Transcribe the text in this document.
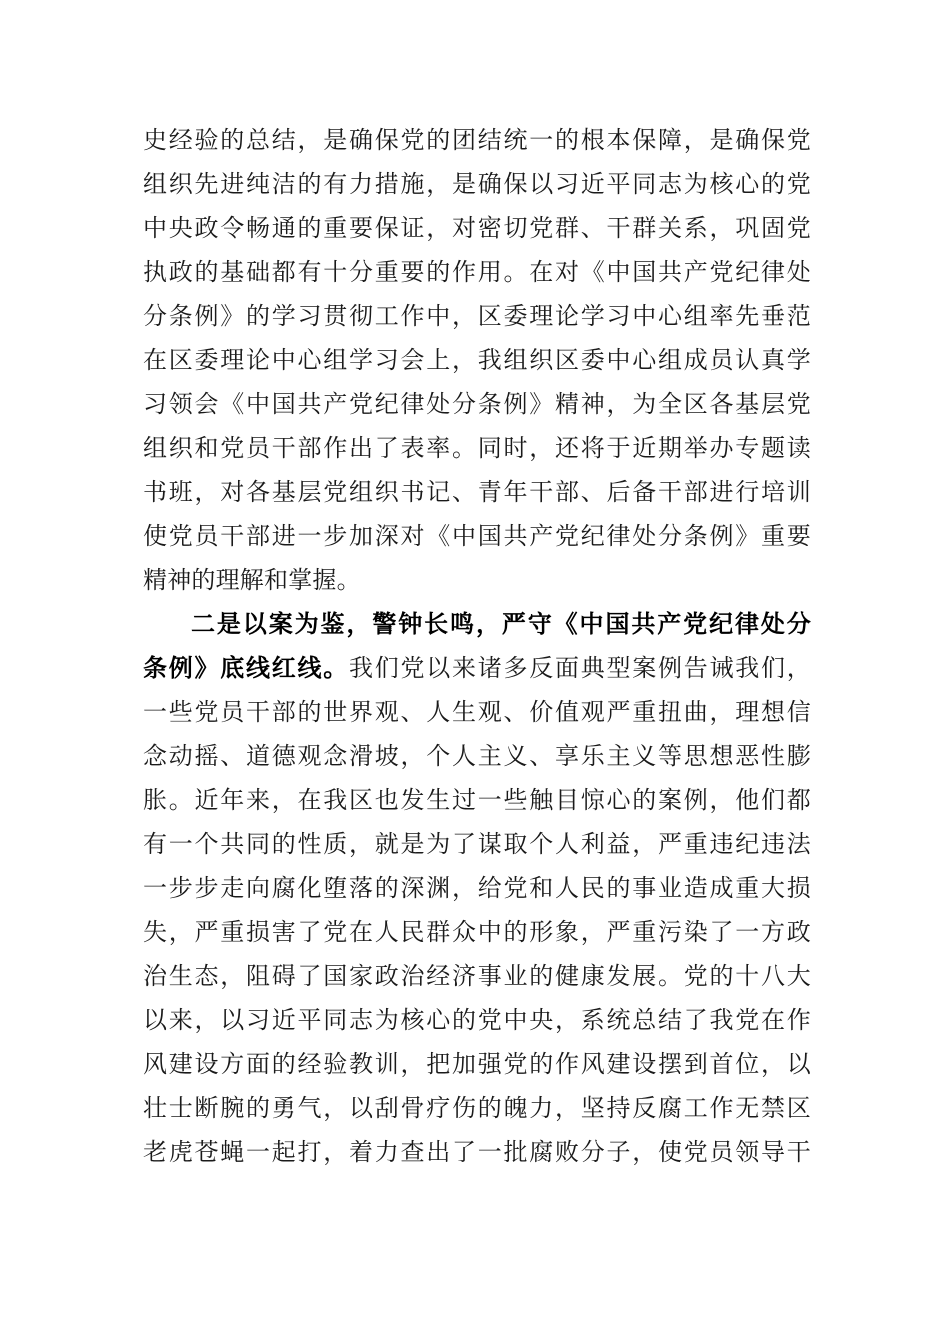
史经验的总结，是确保党的团结统一的根本保障，是确保党
组织先进纯洁的有力措施，是确保以习近平同志为核心的党
中央政令畅通的重要保证，对密切党群、干群关系，巩固党
执政的基础都有十分重要的作用。在对《中国共产党纪律处
分条例》的学习贯彻工作中，区委理论学习中心组率先垂范
在区委理论中心组学习会上，我组织区委中心组成员认真学
习领会《中国共产党纪律处分条例》精神，为全区各基层党
组织和党员干部作出了表率。同时，还将于近期举办专题读
书班，对各基层党组织书记、青年干部、后备干部进行培训
使党员干部进一步加深对《中国共产党纪律处分条例》重要
精神的理解和掌握。
二是以案为鉴，警钟长鸣，严守《中国共产党纪律处分
条例》底线红线。我们党以来诸多反面典型案例告诫我们，
一些党员干部的世界观、人生观、价值观严重扭曲，理想信
念动摇、道德观念滑坡，个人主义、享乐主义等思想恶性膨
胀。近年来，在我区也发生过一些触目惊心的案例，他们都
有一个共同的性质，就是为了谋取个人利益，严重违纪违法
一步步走向腐化堕落的深渊，给党和人民的事业造成重大损
失，严重损害了党在人民群众中的形象，严重污染了一方政
治生态，阻碍了国家政治经济事业的健康发展。党的十八大
以来，以习近平同志为核心的党中央，系统总结了我党在作
风建设方面的经验教训，把加强党的作风建设摆到首位，以
壮士断腕的勇气，以刮骨疗伤的魄力，坚持反腐工作无禁区
老虎苍蝇一起打，着力查出了一批腐败分子，使党员领导干
